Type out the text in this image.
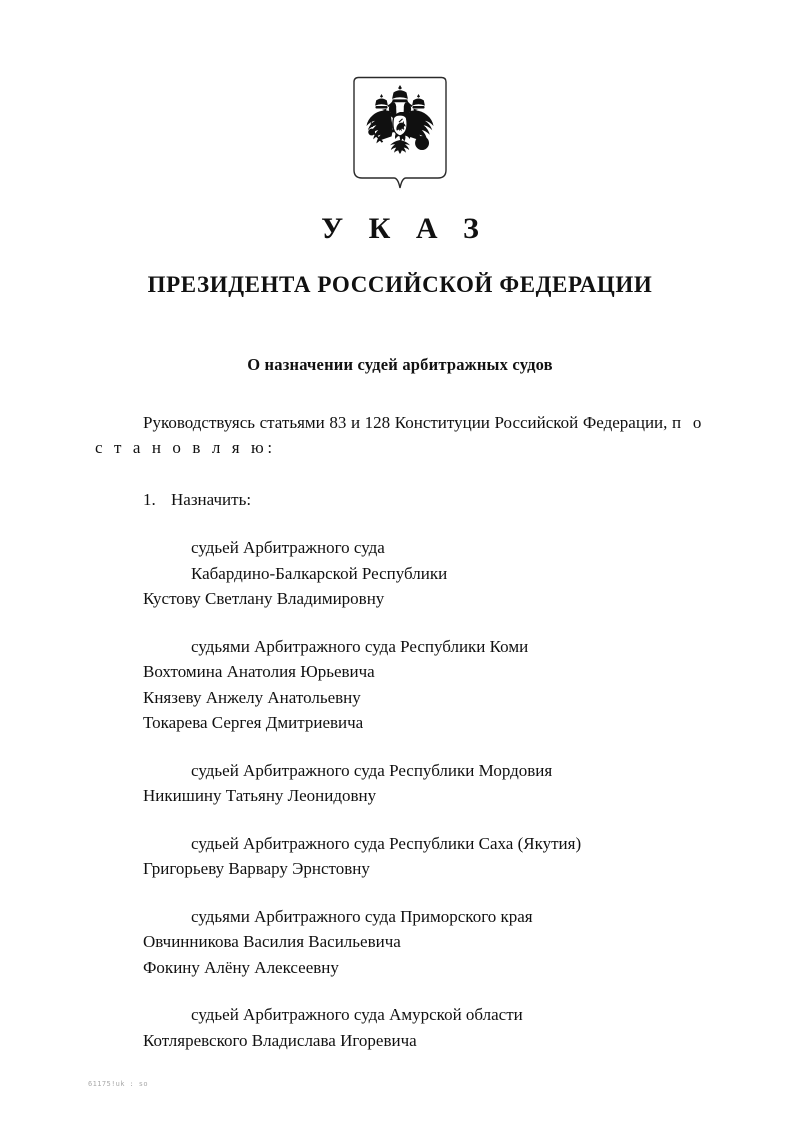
У К А З
ПРЕЗИДЕНТА РОССИЙСКОЙ ФЕДЕРАЦИИ
О назначении судей арбитражных судов

Руководствуясь статьями 83 и 128 Конституции Российской Федерации, п о с т а н о в л я ю:

1. Назначить:
судьей Арбитражного суда
Кабардино-Балкарской Республики
Кустову Светлану Владимировну
судьями Арбитражного суда Республики Коми
Вохтомина Анатолия Юрьевича
Князеву Анжелу Анатольевну
Токарева Сергея Дмитриевича
судьей Арбитражного суда Республики Мордовия
Никишину Татьяну Леонидовну
судьей Арбитражного суда Республики Саха (Якутия)
Григорьеву Варвару Эрнстовну
судьями Арбитражного суда Приморского края
Овчинникова Василия Васильевича
Фокину Алёну Алексеевну
судьей Арбитражного суда Амурской области
Котляревского Владислава Игоревича
61175!uk : so
